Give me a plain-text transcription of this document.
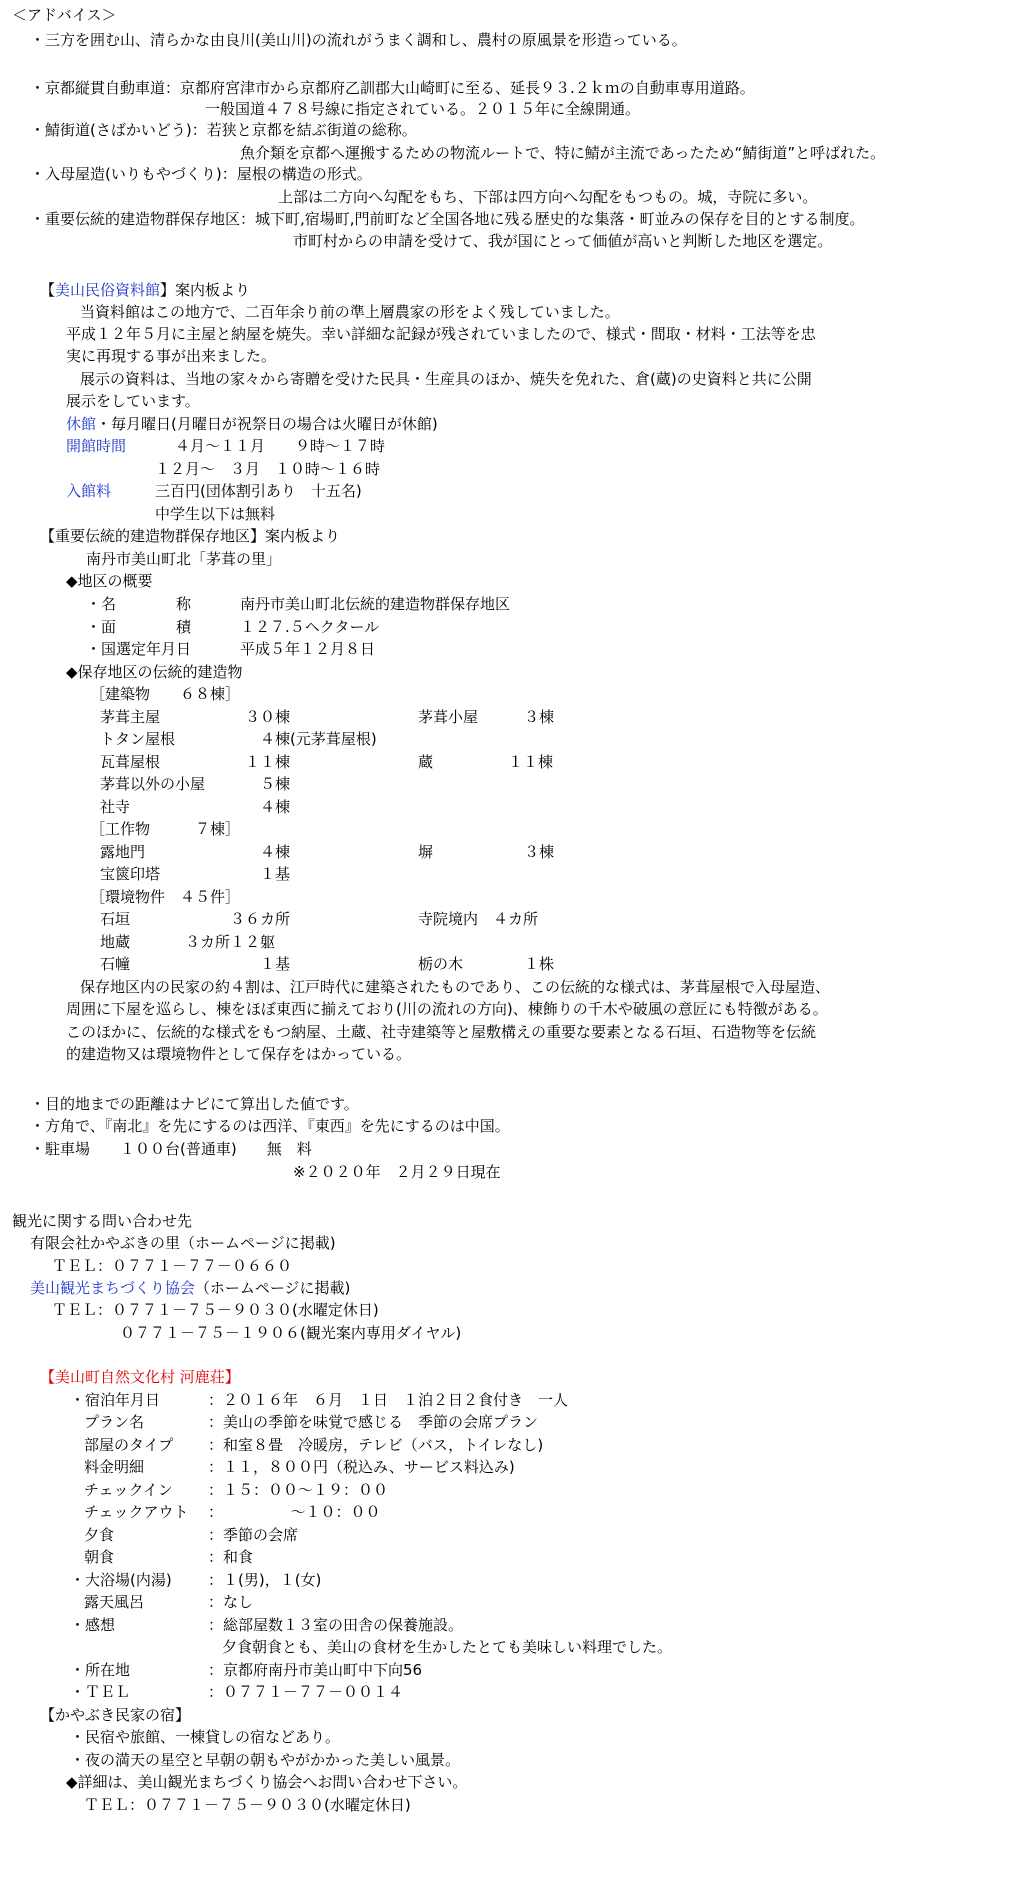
＜アドバイス＞
・三方を囲む山、清らかな由良川(美山川)の流れがうまく調和し、農村の原風景を形造っている。
・京都縦貫自動車道：京都府宮津市から京都府乙訓郡大山崎町に至る、延長９３.２ｋｍの自動車専用道路。
一般国道４７８号線に指定されている。２０１５年に全線開通。
・鯖街道(さばかいどう)：若狭と京都を結ぶ街道の総称。
魚介類を京都へ運搬するための物流ルートで、特に鯖が主流であったため“鯖街道”と呼ばれた。
・入母屋造(いりもやづくり)：屋根の構造の形式。
上部は二方向へ勾配をもち、下部は四方向へ勾配をもつもの。城，寺院に多い。
・重要伝統的建造物群保存地区：城下町,宿場町,門前町など全国各地に残る歴史的な集落・町並みの保存を目的とする制度。
市町村からの申請を受けて、我が国にとって価値が高いと判断した地区を選定。
【美山民俗資料館】案内板より
当資料館はこの地方で、二百年余り前の準上層農家の形をよく残していました。
平成１２年５月に主屋と納屋を焼失。幸い詳細な記録が残されていましたので、様式・間取・材料・工法等を忠
実に再現する事が出来ました。
展示の資料は、当地の家々から寄贈を受けた民具・生産具のほか、焼失を免れた、倉(蔵)の史資料と共に公開
展示をしています。
休館・毎月曜日(月曜日が祝祭日の場合は火曜日が休館)
開館時間	４月～１１月　　９時～１７時
１２月～　３月　１０時～１６時
入館料	三百円(団体割引あり　十五名)
中学生以下は無料
【重要伝統的建造物群保存地区】案内板より
南丹市美山町北「茅葺の里」
◆地区の概要
・名　　　　称	南丹市美山町北伝統的建造物群保存地区
・面　　　　積	１２７.５ヘクタール
・国選定年月日	平成５年１２月８日
◆保存地区の伝統的建造物
［建築物　　６８棟］
茅葺主屋	３０棟	茅葺小屋	３棟
トタン屋根	４棟(元茅葺屋根)
瓦葺屋根	１１棟	蔵	１１棟
茅葺以外の小屋	５棟
社寺	４棟
［工作物　　　７棟］
露地門	４棟	塀	３棟
宝篋印塔	１基
［環境物件　４５件］
石垣	３６カ所	寺院境内　４カ所
地蔵	３カ所１２躯
石幢	１基	栃の木	１株
保存地区内の民家の約４割は、江戸時代に建築されたものであり、この伝統的な様式は、茅葺屋根で入母屋造、
周囲に下屋を巡らし、棟をほぼ東西に揃えており(川の流れの方向)、棟飾りの千木や破風の意匠にも特徴がある。
このほかに、伝統的な様式をもつ納屋、土蔵、社寺建築等と屋敷構えの重要な要素となる石垣、石造物等を伝統
的建造物又は環境物件として保存をはかっている。
・目的地までの距離はナビにて算出した値です。
・方角で、『南北』を先にするのは西洋、『東西』を先にするのは中国。
・駐車場　　１００台(普通車)　　無　料
※２０２０年　２月２９日現在
観光に関する問い合わせ先
有限会社かやぶきの里（ホームページに掲載)
ＴＥＬ：０７７１－７７－０６６０
美山観光まちづくり協会（ホームページに掲載)
ＴＥＬ：０７７１－７５－９０３０(水曜定休日)
０７７１－７５－１９０６(観光案内専用ダイヤル)
【美山町自然文化村 河鹿荘】
・宿泊年月日	：２０１６年　６月　１日　１泊２日２食付き　一人
プラン名	：美山の季節を味覚で感じる　季節の会席プラン
部屋のタイプ ：和室８畳　冷暖房，テレビ（バス，トイレなし)
料金明細	：１１，８００円（税込み、サービス料込み)
チェックイン ：１５：００～１９：００
チェックアウト ：　　　　　～１０：００
夕食	：季節の会席
朝食	：和食
・大浴場(内湯) ：１(男)，１(女)
露天風呂	：なし
・感想	：総部屋数１３室の田舎の保養施設。
夕食朝食とも、美山の食材を生かしたとても美味しい料理でした。
・所在地	：京都府南丹市美山町中下向56
・ＴＥＬ	：０７７１－７７－００１４
【かやぶき民家の宿】
・民宿や旅館、一棟貸しの宿などあり。
・夜の満天の星空と早朝の朝もやがかかった美しい風景。
◆詳細は、美山観光まちづくり協会へお問い合わせ下さい。
ＴＥＬ：０７７１－７５－９０３０(水曜定休日)
